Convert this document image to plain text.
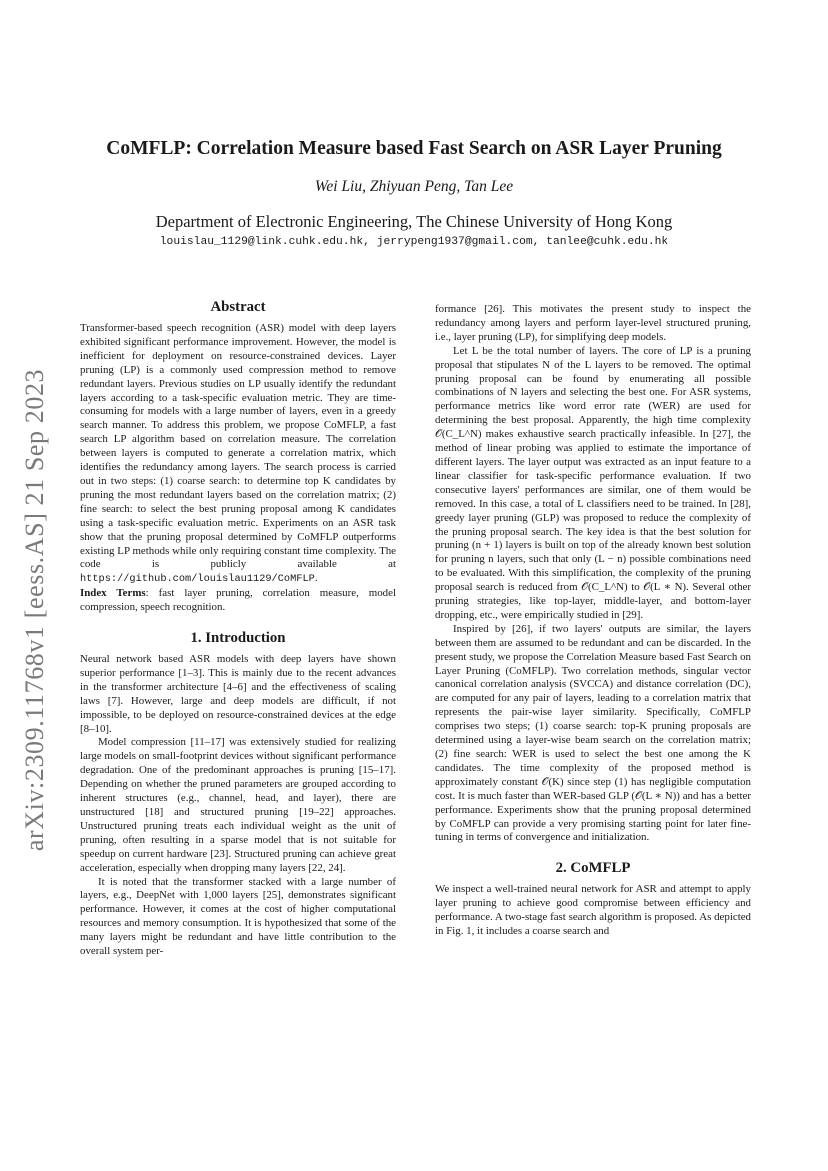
arXiv:2309.11768v1 [eess.AS] 21 Sep 2023
CoMFLP: Correlation Measure based Fast Search on ASR Layer Pruning
Wei Liu, Zhiyuan Peng, Tan Lee
Department of Electronic Engineering, The Chinese University of Hong Kong
louislau_1129@link.cuhk.edu.hk, jerrypeng1937@gmail.com, tanlee@cuhk.edu.hk
Abstract

Transformer-based speech recognition (ASR) model with deep layers exhibited significant performance improvement. However, the model is inefficient for deployment on resource-constrained devices. Layer pruning (LP) is a commonly used compression method to remove redundant layers. Previous studies on LP usually identify the redundant layers according to a task-specific evaluation metric. They are time-consuming for models with a large number of layers, even in a greedy search manner. To address this problem, we propose CoMFLP, a fast search LP algorithm based on correlation measure. The correlation between layers is computed to generate a correlation matrix, which identifies the redundancy among layers. The search process is carried out in two steps: (1) coarse search: to determine top K candidates by pruning the most redundant layers based on the correlation matrix; (2) fine search: to select the best pruning proposal among K candidates using a task-specific evaluation metric. Experiments on an ASR task show that the pruning proposal determined by CoMFLP outperforms existing LP methods while only requiring constant time complexity. The code is publicly available at https://github.com/louislau1129/CoMFLP.

Index Terms: fast layer pruning, correlation measure, model compression, speech recognition.

1. Introduction

Neural network based ASR models with deep layers have shown superior performance [1–3]. This is mainly due to the recent advances in the transformer architecture [4–6] and the effectiveness of scaling laws [7]. However, large and deep models are difficult, if not impossible, to be deployed on resource-constrained devices at the edge [8–10].

Model compression [11–17] was extensively studied for realizing large models on small-footprint devices without significant performance degradation. One of the predominant approaches is pruning [15–17]. Depending on whether the pruned parameters are grouped according to inherent structures (e.g., channel, head, and layer), there are unstructured [18] and structured pruning [19–22] approaches. Unstructured pruning treats each individual weight as the unit of pruning, often resulting in a sparse model that is not suitable for speedup on current hardware [23]. Structured pruning can achieve great acceleration, especially when dropping many layers [22, 24].

It is noted that the transformer stacked with a large number of layers, e.g., DeepNet with 1,000 layers [25], demonstrates significant performance. However, it comes at the cost of higher computational resources and memory consumption. It is hypothesized that some of the many layers might be redundant and have little contribution to the overall system per-

formance [26]. This motivates the present study to inspect the redundancy among layers and perform layer-level structured pruning, i.e., layer pruning (LP), for simplifying deep models.

Let L be the total number of layers. The core of LP is a pruning proposal that stipulates N of the L layers to be removed. The optimal pruning proposal can be found by enumerating all possible combinations of N layers and selecting the best one. For ASR systems, performance metrics like word error rate (WER) are used for determining the best proposal. Apparently, the high time complexity 𝒪(C_L^N) makes exhaustive search practically infeasible. In [27], the method of linear probing was applied to estimate the importance of different layers. The layer output was extracted as an input feature to a linear classifier for task-specific performance evaluation. If two consecutive layers' performances are similar, one of them would be removed. In this case, a total of L classifiers need to be trained. In [28], greedy layer pruning (GLP) was proposed to reduce the complexity of the pruning proposal search. The key idea is that the best solution for pruning (n + 1) layers is built on top of the already known best solution for pruning n layers, such that only (L − n) possible combinations need to be evaluated. With this simplification, the complexity of the pruning proposal search is reduced from 𝒪(C_L^N) to 𝒪(L ∗ N). Several other pruning strategies, like top-layer, middle-layer, and bottom-layer dropping, etc., were empirically studied in [29].

Inspired by [26], if two layers' outputs are similar, the layers between them are assumed to be redundant and can be discarded. In the present study, we propose the Correlation Measure based Fast Search on Layer Pruning (CoMFLP). Two correlation methods, singular vector canonical correlation analysis (SVCCA) and distance correlation (DC), are computed for any pair of layers, leading to a correlation matrix that represents the pair-wise layer similarity. Specifically, CoMFLP comprises two steps; (1) coarse search: top-K pruning proposals are determined using a layer-wise beam search on the correlation matrix; (2) fine search: WER is used to select the best one among the K candidates. The time complexity of the proposed method is approximately constant 𝒪(K) since step (1) has negligible computation cost. It is much faster than WER-based GLP (𝒪(L ∗ N)) and has a better performance. Experiments show that the pruning proposal determined by CoMFLP can provide a very promising starting point for later fine-tuning in terms of convergence and initialization.

2. CoMFLP

We inspect a well-trained neural network for ASR and attempt to apply layer pruning to achieve good compromise between efficiency and performance. A two-stage fast search algorithm is proposed. As depicted in Fig. 1, it includes a coarse search and
